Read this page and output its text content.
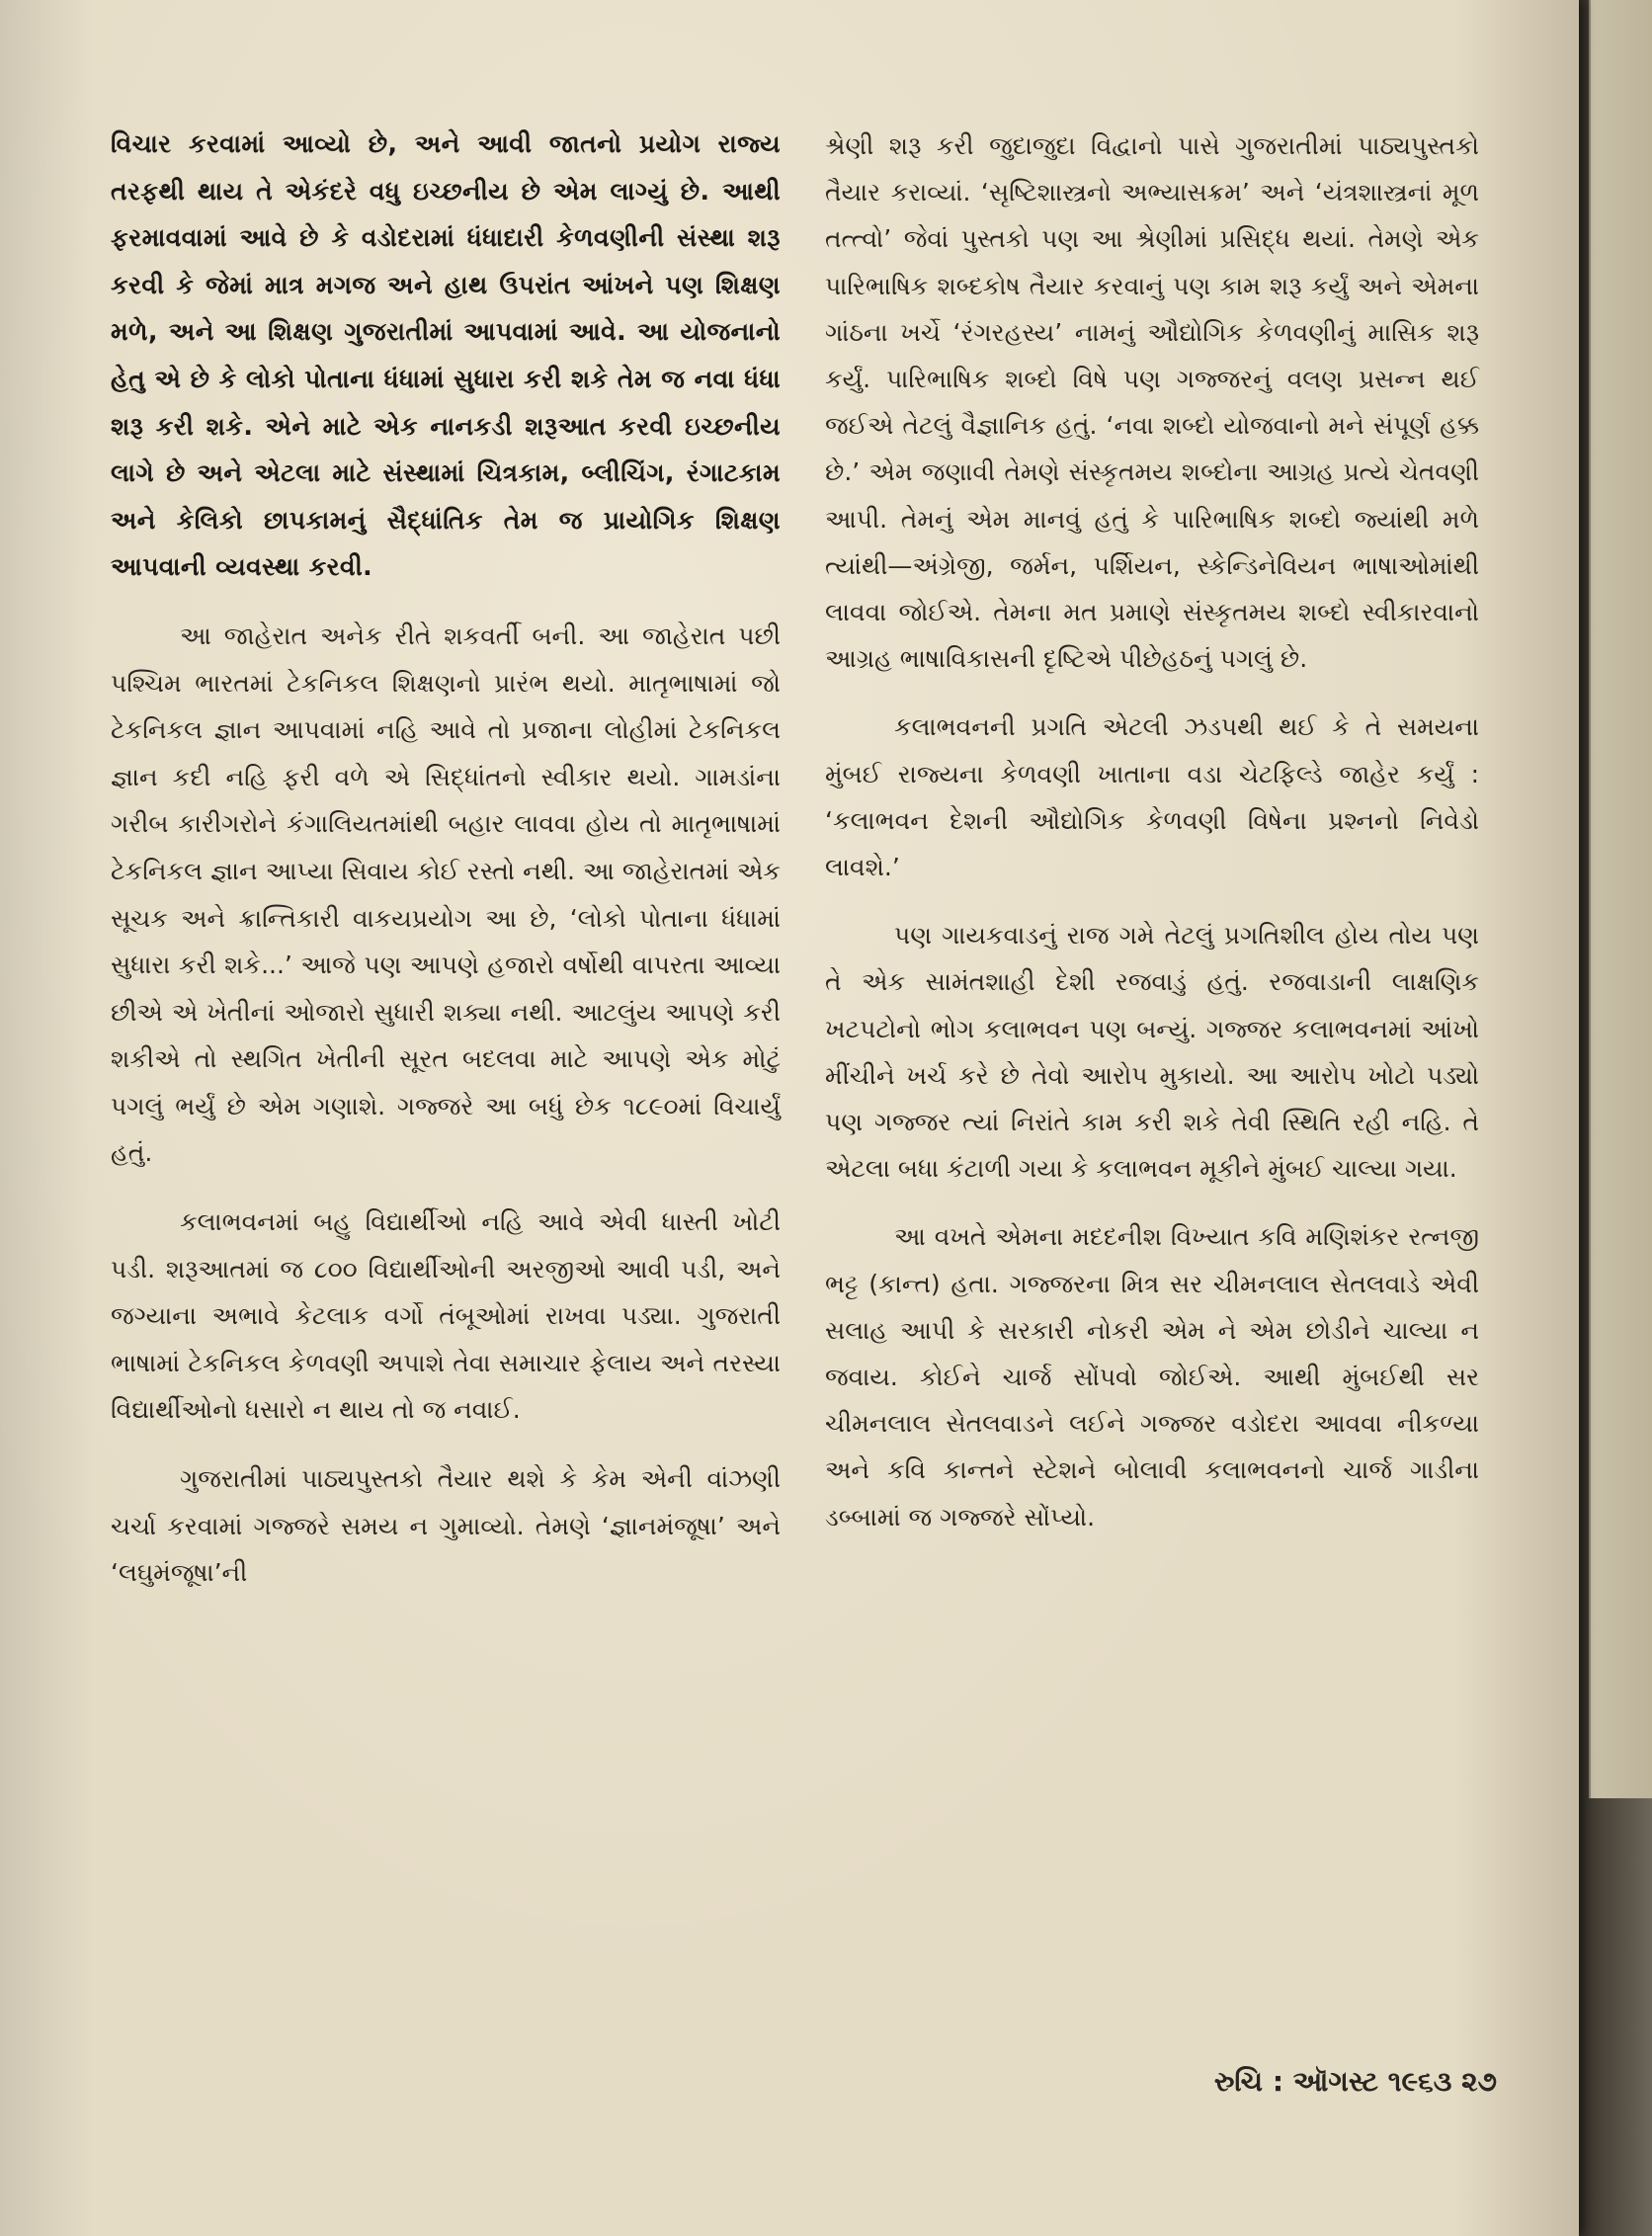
વિચાર કરવામાં આવ્યો છે, અને આવી જાતનો પ્રયોગ રાજ્ય તરફથી થાય તે એકંદરે વધુ ઇચ્છનીય છે એમ લાગ્યું છે. આથી ફરમાવવામાં આવે છે કે વડોદરામાં ધંધાદારી કેળવણીની સંસ્થા શરૂ કરવી કે જેમાં માત્ર મગજ અને હાથ ઉપરાંત આંખને પણ શિક્ષણ મળે, અને આ શિક્ષણ ગુજરાતીમાં આપવામાં આવે. આ યોજનાનો હેતુ એ છે કે લોકો પોતાના ધંધામાં સુધારા કરી શકે તેમ જ નવા ધંધા શરૂ કરી શકે. એને માટે એક નાનકડી શરૂઆત કરવી ઇચ્છનીય લાગે છે અને એટલા માટે સંસ્થામાં ચિત્રકામ, બ્લીચિંગ, રંગાટકામ અને કેલિકો છાપકામનું સૈદ્ધાંતિક તેમ જ પ્રાયોગિક શિક્ષણ આપવાની વ્યવસ્થા કરવી.

આ જાહેરાત અનેક રીતે શકવર્તી બની. આ જાહેરાત પછી પશ્ચિમ ભારતમાં ટેકનિકલ શિક્ષણનો પ્રારંભ થયો. માતૃભાષામાં જો ટેકનિકલ જ્ઞાન આપવામાં નહિ આવે તો પ્રજાના લોહીમાં ટેકનિકલ જ્ઞાન કદી નહિ ફરી વળે એ સિદ્ધાંતનો સ્વીકાર થયો. ગામડાંના ગરીબ કારીગરોને કંગાલિયતમાંથી બહાર લાવવા હોય તો માતૃભાષામાં ટેકનિકલ જ્ઞાન આપ્યા સિવાય કોઈ રસ્તો નથી. આ જાહેરાતમાં એક સૂચક અને ક્રાન્તિકારી વાકયપ્રયોગ આ છે, ‘લોકો પોતાના ધંધામાં સુધારા કરી શકે...’ આજે પણ આપણે હજારો વર્ષોથી વાપરતા આવ્યા છીએ એ ખેતીનાં ઓજારો સુધારી શક્યા નથી. આટલુંય આપણે કરી શકીએ તો સ્થગિત ખેતીની સૂરત બદલવા માટે આપણે એક મોટું પગલું ભર્યું છે એમ ગણાશે. ગજ્જરે આ બધું છેક ૧૮૯૦માં વિચાર્યું હતું.

કલાભવનમાં બહુ વિદ્યાર્થીઓ નહિ આવે એવી ધાસ્તી ખોટી પડી. શરૂઆતમાં જ ૮૦૦ વિદ્યાર્થીઓની અરજીઓ આવી પડી, અને જગ્યાના અભાવે કેટલાક વર્ગો તંબૂઓમાં રાખવા પડ્યા. ગુજરાતી ભાષામાં ટેકનિકલ કેળવણી અપાશે તેવા સમાચાર ફેલાય અને તરસ્યા વિદ્યાર્થીઓનો ધસારો ન થાય તો જ નવાઈ.

ગુજરાતીમાં પાઠ્યપુસ્તકો તૈયાર થશે કે કેમ એની વાંઝણી ચર્ચા કરવામાં ગજ્જરે સમય ન ગુમાવ્યો. તેમણે ‘જ્ઞાનમંજૂષા’ અને ‘લઘુમંજૂષા’ની

શ્રેણી શરૂ કરી જુદાજુદા વિદ્વાનો પાસે ગુજરાતીમાં પાઠ્યપુસ્તકો તૈયાર કરાવ્યાં. ‘સૃષ્ટિશાસ્ત્રનો અભ્યાસક્રમ’ અને ‘યંત્રશાસ્ત્રનાં મૂળ તત્ત્વો’ જેવાં પુસ્તકો પણ આ શ્રેણીમાં પ્રસિદ્ધ થયાં. તેમણે એક પારિભાષિક શબ્દકોષ તૈયાર કરવાનું પણ કામ શરૂ કર્યું અને એમના ગાંઠના ખર્ચે ‘રંગરહસ્ય’ નામનું ઔદ્યોગિક કેળવણીનું માસિક શરૂ કર્યું. પારિભાષિક શબ્દો વિષે પણ ગજ્જરનું વલણ પ્રસન્ન થઈ જઈએ તેટલું વૈજ્ઞાનિક હતું. ‘નવા શબ્દો યોજવાનો મને સંપૂર્ણ હક્ક છે.’ એમ જણાવી તેમણે સંસ્કૃતમય શબ્દોના આગ્રહ પ્રત્યે ચેતવણી આપી. તેમનું એમ માનવું હતું કે પારિભાષિક શબ્દો જ્યાંથી મળે ત્યાંથી—અંગ્રેજી, જર્મન, પર્શિયન, સ્કેન્ડિનેવિયન ભાષાઓમાંથી લાવવા જોઈએ. તેમના મત પ્રમાણે સંસ્કૃતમય શબ્દો સ્વીકારવાનો આગ્રહ ભાષાવિકાસની દૃષ્ટિએ પીછેહઠનું પગલું છે.

કલાભવનની પ્રગતિ એટલી ઝડપથી થઈ કે તે સમયના મુંબઈ રાજ્યના કેળવણી ખાતાના વડા ચેટફિલ્ડે જાહેર કર્યું : ‘કલાભવન દેશની ઔદ્યોગિક કેળવણી વિષેના પ્રશ્નનો નિવેડો લાવશે.’

પણ ગાયકવાડનું રાજ ગમે તેટલું પ્રગતિશીલ હોય તોય પણ તે એક સામંતશાહી દેશી રજવાડું હતું. રજવાડાની લાક્ષણિક ખટપટોનો ભોગ કલાભવન પણ બન્યું. ગજ્જર કલાભવનમાં આંખો મીંચીને ખર્ચ કરે છે તેવો આરોપ મુકાયો. આ આરોપ ખોટો પડ્યો પણ ગજ્જર ત્યાં નિરાંતે કામ કરી શકે તેવી સ્થિતિ રહી નહિ. તે એટલા બધા કંટાળી ગયા કે કલાભવન મૂકીને મુંબઈ ચાલ્યા ગયા.

આ વખતે એમના મદદનીશ વિખ્યાત કવિ મણિશંકર રત્નજી ભટ્ટ (કાન્ત) હતા. ગજ્જરના મિત્ર સર ચીમનલાલ સેતલવાડે એવી સલાહ આપી કે સરકારી નોકરી એમ ને એમ છોડીને ચાલ્યા ન જવાય. કોઈને ચાર્જ સોંપવો જોઈએ. આથી મુંબઈથી સર ચીમનલાલ સેતલવાડને લઈને ગજ્જર વડોદરા આવવા નીકળ્યા અને કવિ કાન્તને સ્ટેશને બોલાવી કલાભવનનો ચાર્જ ગાડીના ડબ્બામાં જ ગજ્જરે સોંપ્યો.

રુચિ : ઑગસ્ટ ૧૯૬૩ ૨૭
